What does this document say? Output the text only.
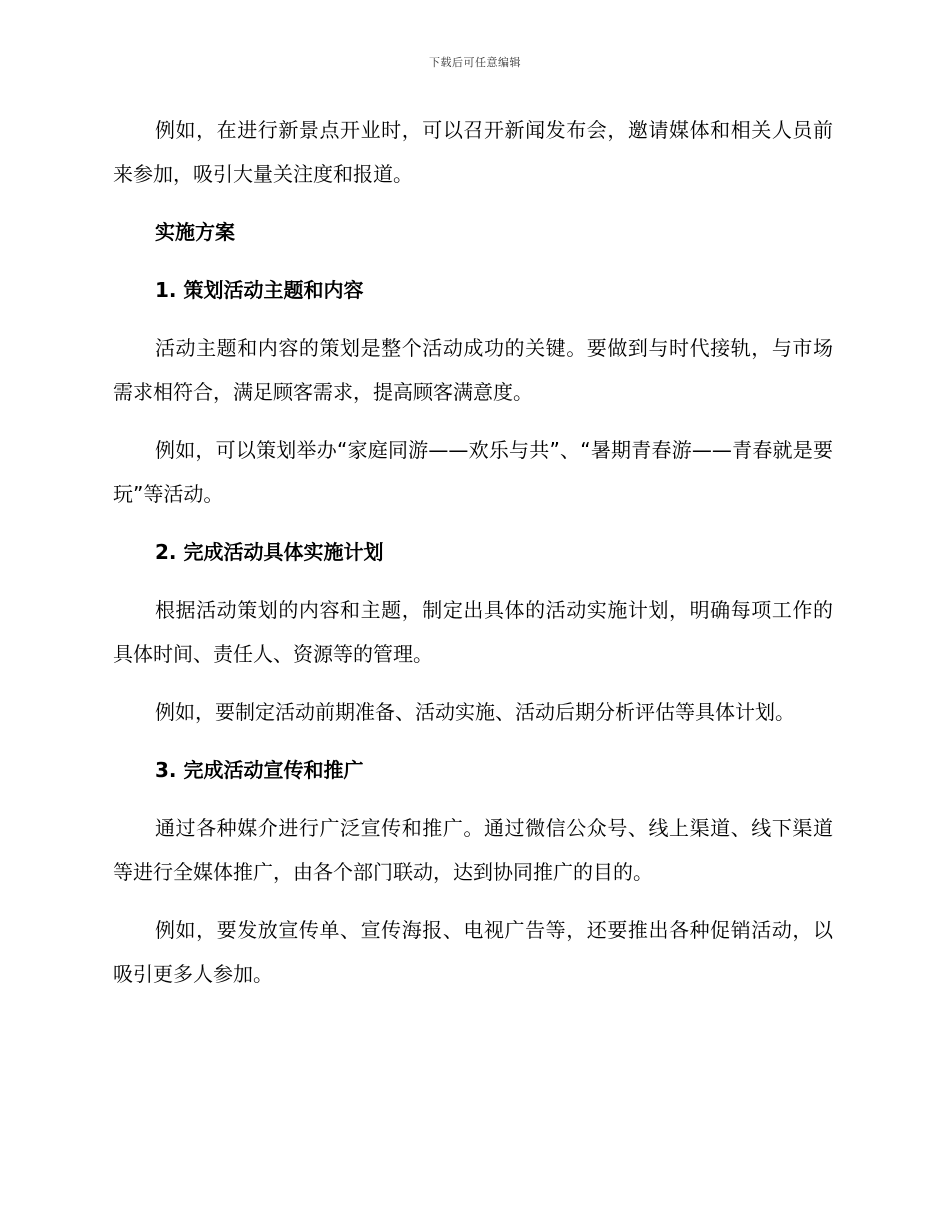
下载后可任意编辑

例如，在进行新景点开业时，可以召开新闻发布会，邀请媒体和相关人员前来参加，吸引大量关注度和报道。

实施方案

1. 策划活动主题和内容

活动主题和内容的策划是整个活动成功的关键。要做到与时代接轨，与市场需求相符合，满足顾客需求，提高顾客满意度。

例如，可以策划举办“家庭同游——欢乐与共”、“暑期青春游——青春就是要玩”等活动。

2. 完成活动具体实施计划

根据活动策划的内容和主题，制定出具体的活动实施计划，明确每项工作的具体时间、责任人、资源等的管理。

例如，要制定活动前期准备、活动实施、活动后期分析评估等具体计划。

3. 完成活动宣传和推广

通过各种媒介进行广泛宣传和推广。通过微信公众号、线上渠道、线下渠道等进行全媒体推广，由各个部门联动，达到协同推广的目的。

例如，要发放宣传单、宣传海报、电视广告等，还要推出各种促销活动，以吸引更多人参加。
